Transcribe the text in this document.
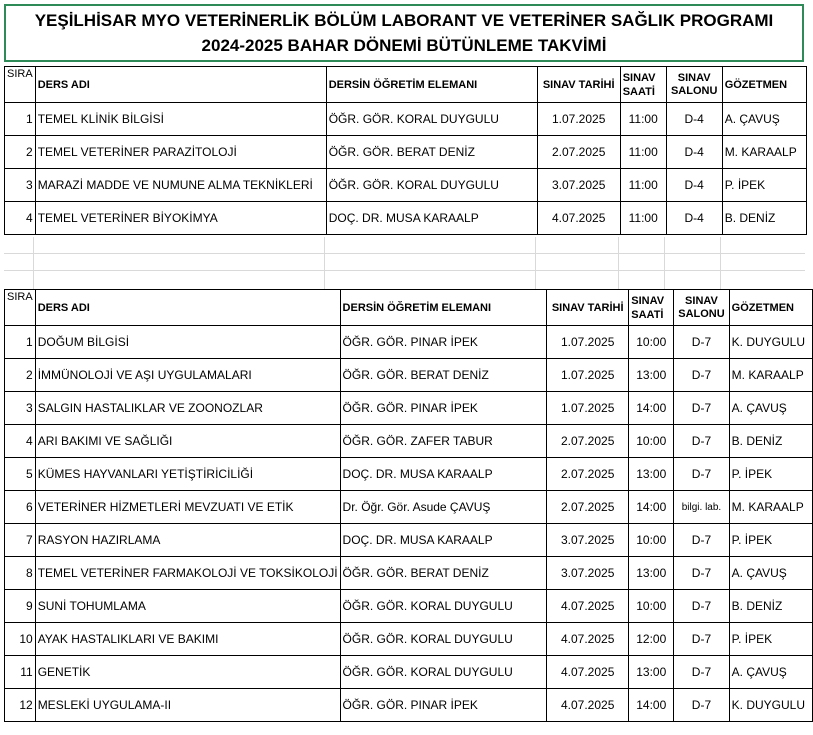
YEŞİLHİSAR MYO VETERİNERLİK BÖLÜM LABORANT VE VETERİNER SAĞLIK PROGRAMI 2024-2025 BAHAR DÖNEMİ BÜTÜNLEME TAKVİMİ
SIRA	DERS ADI	DERSİN ÖĞRETİM ELEMANI	SINAV TARİHİ	SINAV SAATİ	SINAV SALONU	GÖZETMEN
1	TEMEL KLİNİK BİLGİSİ	ÖĞR. GÖR. KORAL DUYGULU	1.07.2025	11:00	D-4	A. ÇAVUŞ
2	TEMEL VETERİNER PARAZİTOLOJİ	ÖĞR. GÖR. BERAT DENİZ	2.07.2025	11:00	D-4	M. KARAALP
3	MARAZİ MADDE VE NUMUNE ALMA TEKNİKLERİ	ÖĞR. GÖR. KORAL DUYGULU	3.07.2025	11:00	D-4	P. İPEK
4	TEMEL VETERİNER BİYOKİMYA	DOÇ. DR. MUSA KARAALP	4.07.2025	11:00	D-4	B. DENİZ
SIRA	DERS ADI	DERSİN ÖĞRETİM ELEMANI	SINAV TARİHİ	SINAV SAATİ	SINAV SALONU	GÖZETMEN
1	DOĞUM BİLGİSİ	ÖĞR. GÖR. PINAR İPEK	1.07.2025	10:00	D-7	K. DUYGULU
2	İMMÜNOLOJİ VE AŞI UYGULAMALARI	ÖĞR. GÖR. BERAT DENİZ	1.07.2025	13:00	D-7	M. KARAALP
3	SALGIN HASTALIKLAR VE ZOONOZLAR	ÖĞR. GÖR. PINAR İPEK	1.07.2025	14:00	D-7	A. ÇAVUŞ
4	ARI BAKIMI VE SAĞLIĞI	ÖĞR. GÖR. ZAFER TABUR	2.07.2025	10:00	D-7	B. DENİZ
5	KÜMES HAYVANLARI YETİŞTİRİCİLİĞİ	DOÇ. DR. MUSA KARAALP	2.07.2025	13:00	D-7	P. İPEK
6	VETERİNER HİZMETLERİ MEVZUATI VE ETİK	Dr. Öğr. Gör. Asude ÇAVUŞ	2.07.2025	14:00	bilgi. lab.	M. KARAALP
7	RASYON HAZIRLAMA	DOÇ. DR. MUSA KARAALP	3.07.2025	10:00	D-7	P. İPEK
8	TEMEL VETERİNER FARMAKOLOJİ VE TOKSİKOLOJİ	ÖĞR. GÖR. BERAT DENİZ	3.07.2025	13:00	D-7	A. ÇAVUŞ
9	SUNİ TOHUMLAMA	ÖĞR. GÖR. KORAL DUYGULU	4.07.2025	10:00	D-7	B. DENİZ
10	AYAK HASTALIKLARI VE BAKIMI	ÖĞR. GÖR. KORAL DUYGULU	4.07.2025	12:00	D-7	P. İPEK
11	GENETİK	ÖĞR. GÖR. KORAL DUYGULU	4.07.2025	13:00	D-7	A. ÇAVUŞ
12	MESLEKİ UYGULAMA-II	ÖĞR. GÖR. PINAR İPEK	4.07.2025	14:00	D-7	K. DUYGULU
